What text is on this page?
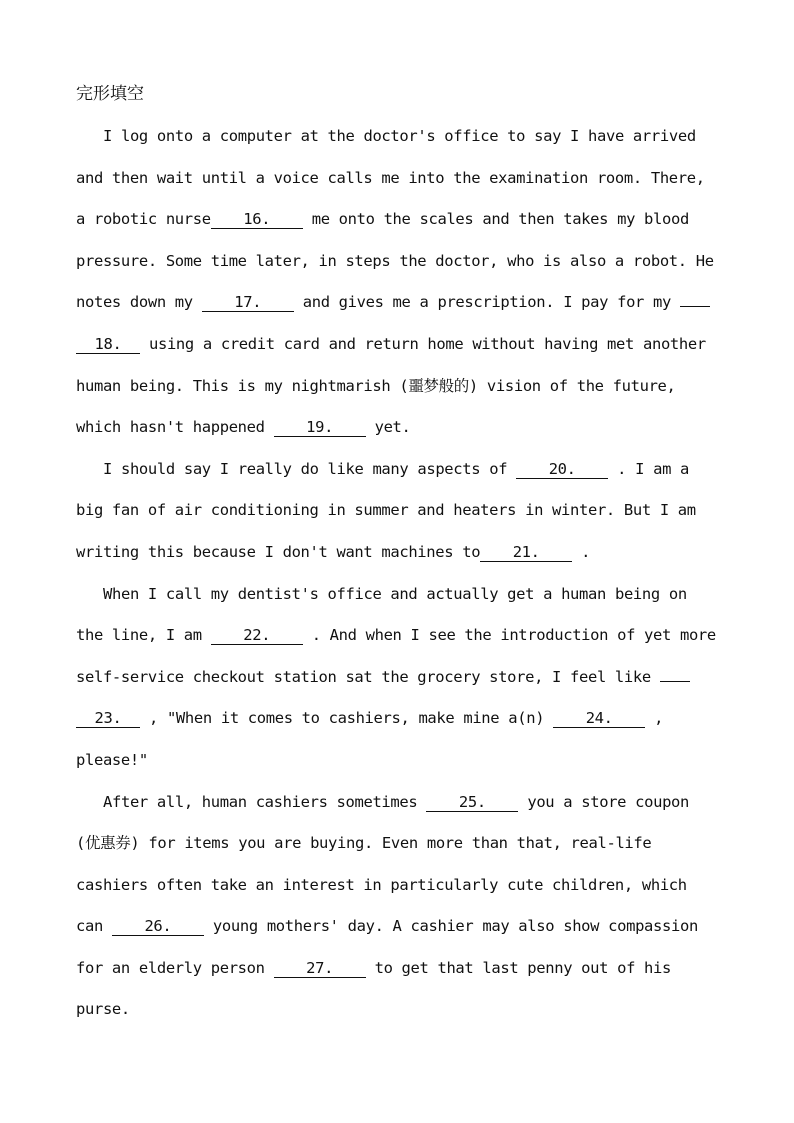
完形填空
I log onto a computer at the doctor's office to say I have arrived
and then wait until a voice calls me into the examination room. There,
a robotic nurse 16.	me onto the scales and then takes my blood
pressure. Some time later, in steps the doctor, who is also a robot. He
notes down my	17.	and gives me a prescription. I pay for my
18. using a credit card and return home without having met another
human being. This is my nightmarish (噩梦般的) vision of the future,
which hasn't happened	19.	yet.
I should say I really do like many aspects of	20.	. I am a
big fan of air conditioning in summer and heaters in winter. But I am
writing this because I don't want machines to 21.	.
When I call my dentist's office and actually get a human being on
the line, I am	22.	. And when I see the introduction of yet more
self-service checkout station sat the grocery store, I feel like
23. , "When it comes to cashiers, make mine a(n)	24.	,
please!"
After all, human cashiers sometimes	25.	you a store coupon
(优惠券) for items you are buying. Even more than that, real-life
cashiers often take an interest in particularly cute children, which
can	26.	young mothers' day. A cashier may also show compassion
for an elderly person	27.	to get that last penny out of his
purse.
